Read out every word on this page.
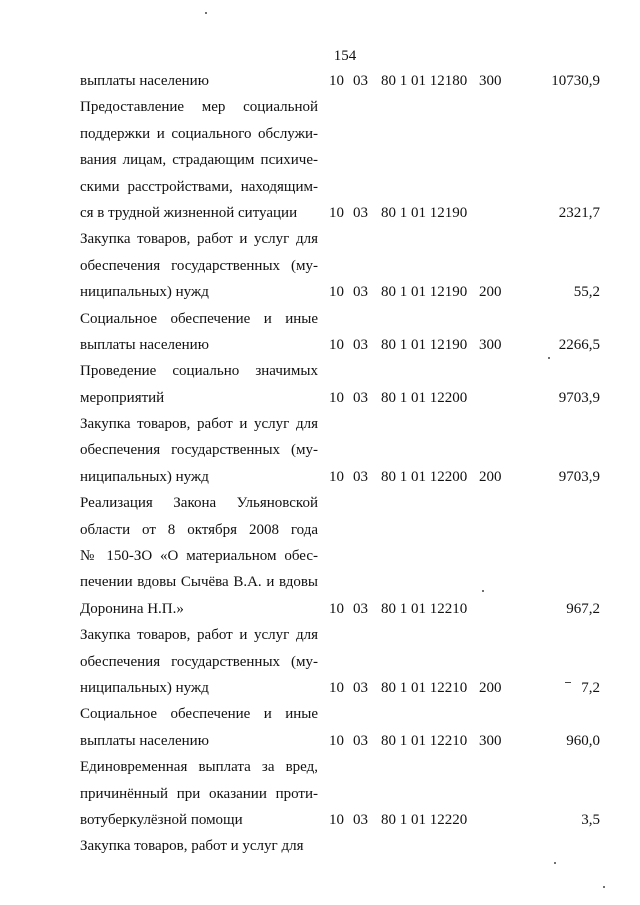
154
выплаты населению	10 03 80 1 01 12180 300	10730,9
Предоставление мер социальной
поддержки и социального обслужи-
вания лицам, страдающим психиче-
скими расстройствами, находящим-
ся в трудной жизненной ситуации	10 03 80 1 01 12190	2321,7
Закупка товаров, работ и услуг для
обеспечения государственных (му-
ниципальных) нужд	10 03 80 1 01 12190 200	55,2
Социальное обеспечение и иные
выплаты населению	10 03 80 1 01 12190 300	2266,5
Проведение социально значимых
мероприятий	10 03 80 1 01 12200	9703,9
Закупка товаров, работ и услуг для
обеспечения государственных (му-
ниципальных) нужд	10 03 80 1 01 12200 200	9703,9
Реализация Закона Ульяновской
области от 8 октября 2008 года
№ 150-ЗО «О материальном обес-
печении вдовы Сычёва В.А. и вдовы
Доронина Н.П.»	10 03 80 1 01 12210	967,2
Закупка товаров, работ и услуг для
обеспечения государственных (му-
ниципальных) нужд	10 03 80 1 01 12210 200	7,2
Социальное обеспечение и иные
выплаты населению	10 03 80 1 01 12210 300	960,0
Единовременная выплата за вред,
причинённый при оказании проти-
вотуберкулёзной помощи	10 03 80 1 01 12220	3,5
Закупка товаров, работ и услуг для
